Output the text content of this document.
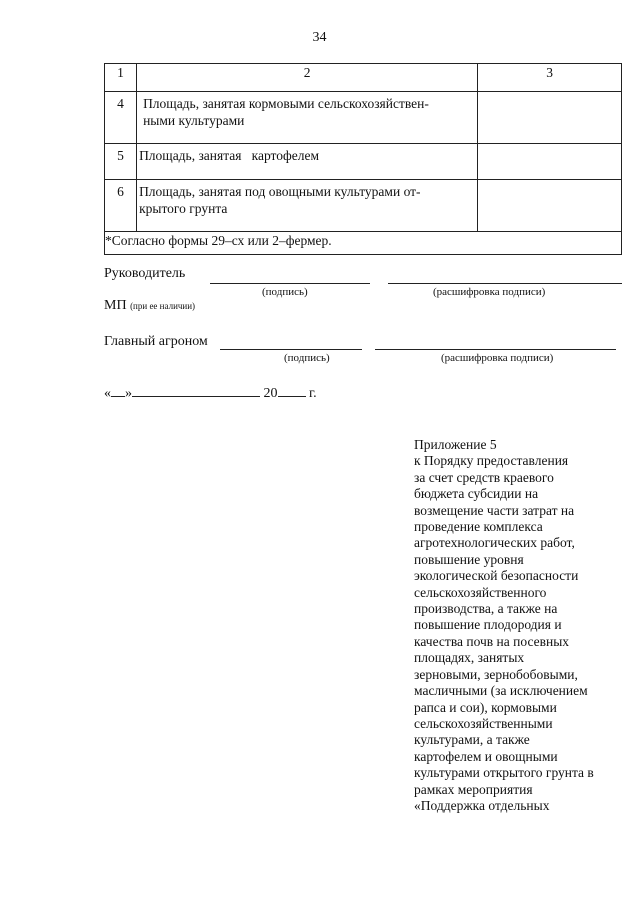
34
1	2	3
4	Площадь, занятая кормовыми сельскохозяйствен-
ными культурами	

5	Площадь, занятая   картофелем	

6	Площадь, занятая под овощными культурами от-
крытого грунта	

*Согласно формы 29–сх или 2–фермер.		
Руководитель
(подпись)	(расшифровка подписи)
МП (при ее наличии)
Главный агроном
(подпись)	(расшифровка подписи)
« »	20 г.
Приложение 5
к Порядку предоставления
за счет средств краевого
бюджета субсидии на
возмещение части затрат на
проведение комплекса
агротехнологических работ,
повышение уровня
экологической безопасности
сельскохозяйственного
производства, а также на
повышение плодородия и
качества почв на посевных
площадях, занятых
зерновыми, зернобобовыми,
масличными (за исключением
рапса и сои), кормовыми
сельскохозяйственными
культурами, а также
картофелем и овощными
культурами открытого грунта в
рамках мероприятия
«Поддержка отдельных
